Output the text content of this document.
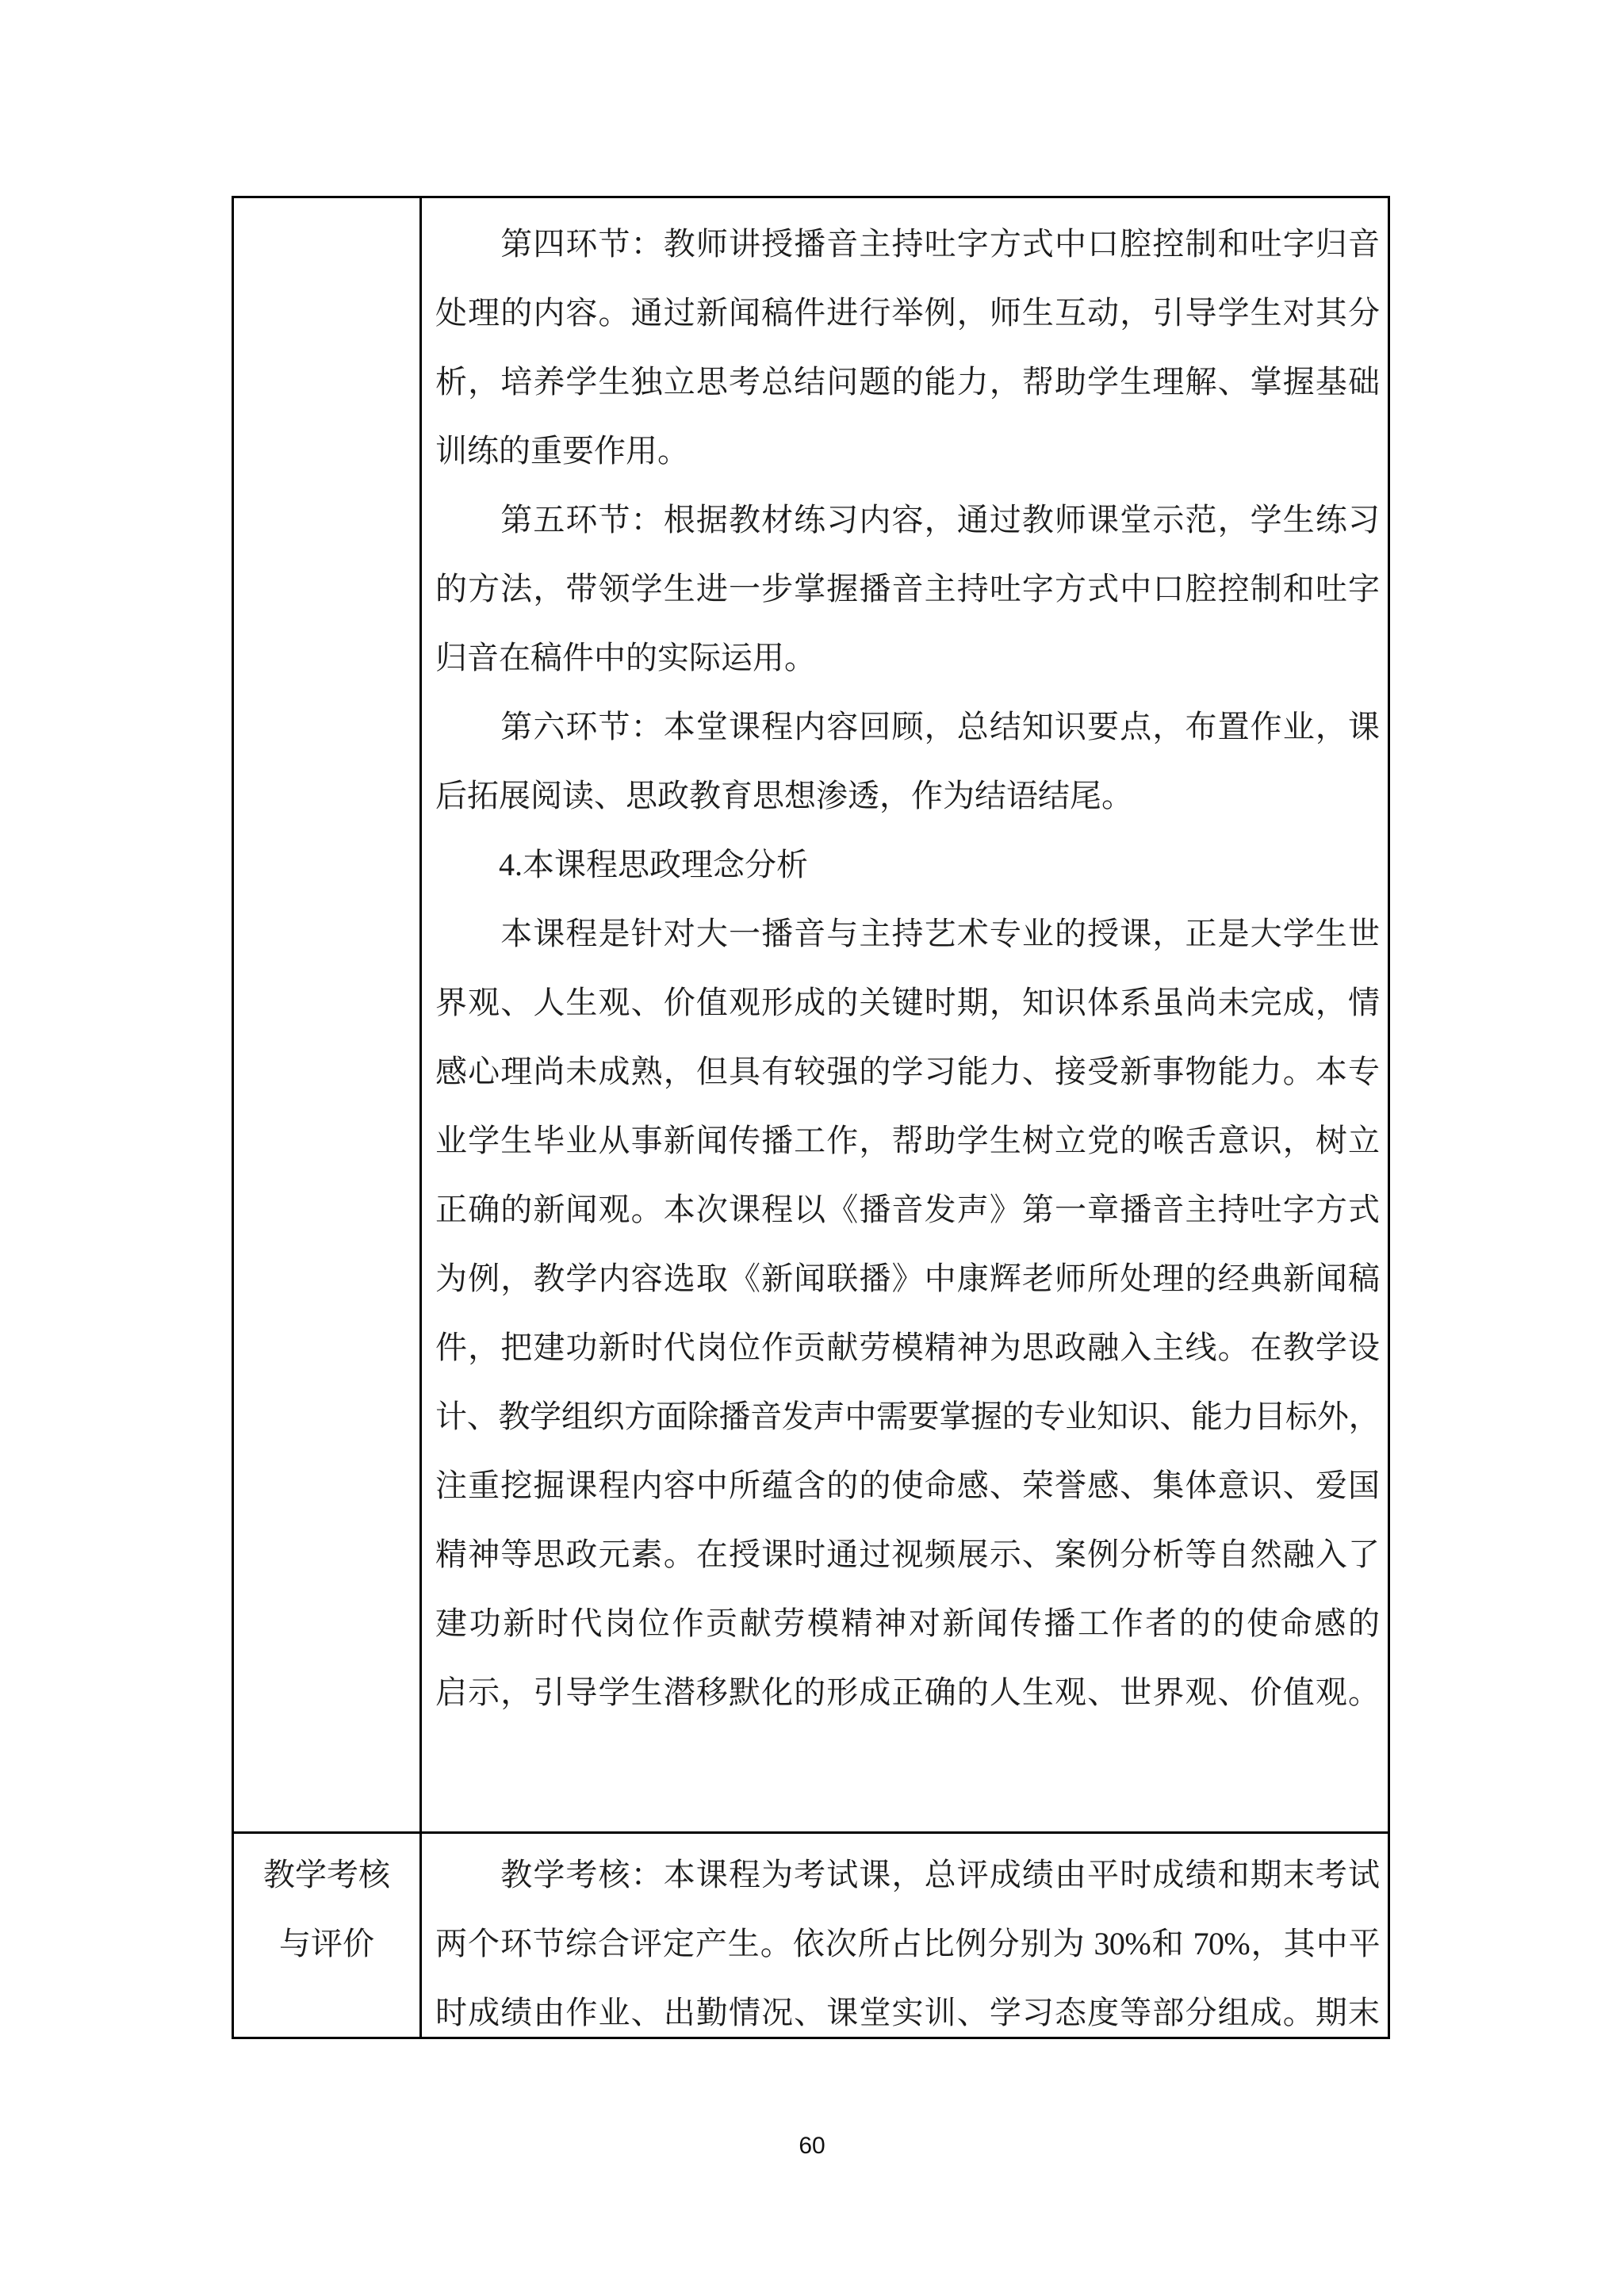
　　第四环节：教师讲授播音主持吐字方式中口腔控制和吐字归音
处理的内容。通过新闻稿件进行举例，师生互动，引导学生对其分
析，培养学生独立思考总结问题的能力，帮助学生理解、掌握基础
训练的重要作用。
　　第五环节：根据教材练习内容，通过教师课堂示范，学生练习
的方法，带领学生进一步掌握播音主持吐字方式中口腔控制和吐字
归音在稿件中的实际运用。
　　第六环节：本堂课程内容回顾，总结知识要点，布置作业，课
后拓展阅读、思政教育思想渗透，作为结语结尾。
　　4.本课程思政理念分析
　　本课程是针对大一播音与主持艺术专业的授课，正是大学生世
界观、人生观、价值观形成的关键时期，知识体系虽尚未完成，情
感心理尚未成熟，但具有较强的学习能力、接受新事物能力。本专
业学生毕业从事新闻传播工作，帮助学生树立党的喉舌意识，树立
正确的新闻观。本次课程以《播音发声》第一章播音主持吐字方式
为例，教学内容选取《新闻联播》中康辉老师所处理的经典新闻稿
件，把建功新时代岗位作贡献劳模精神为思政融入主线。在教学设
计、教学组织方面除播音发声中需要掌握的专业知识、能力目标外，
注重挖掘课程内容中所蕴含的的使命感、荣誉感、集体意识、爱国
精神等思政元素。在授课时通过视频展示、案例分析等自然融入了
建功新时代岗位作贡献劳模精神对新闻传播工作者的的使命感的
启示，引导学生潜移默化的形成正确的人生观、世界观、价值观。
教学考核
与评价
　　教学考核：本课程为考试课，总评成绩由平时成绩和期末考试
两个环节综合评定产生。依次所占比例分别为 30%和 70%，其中平
时成绩由作业、出勤情况、课堂实训、学习态度等部分组成。期末
60
